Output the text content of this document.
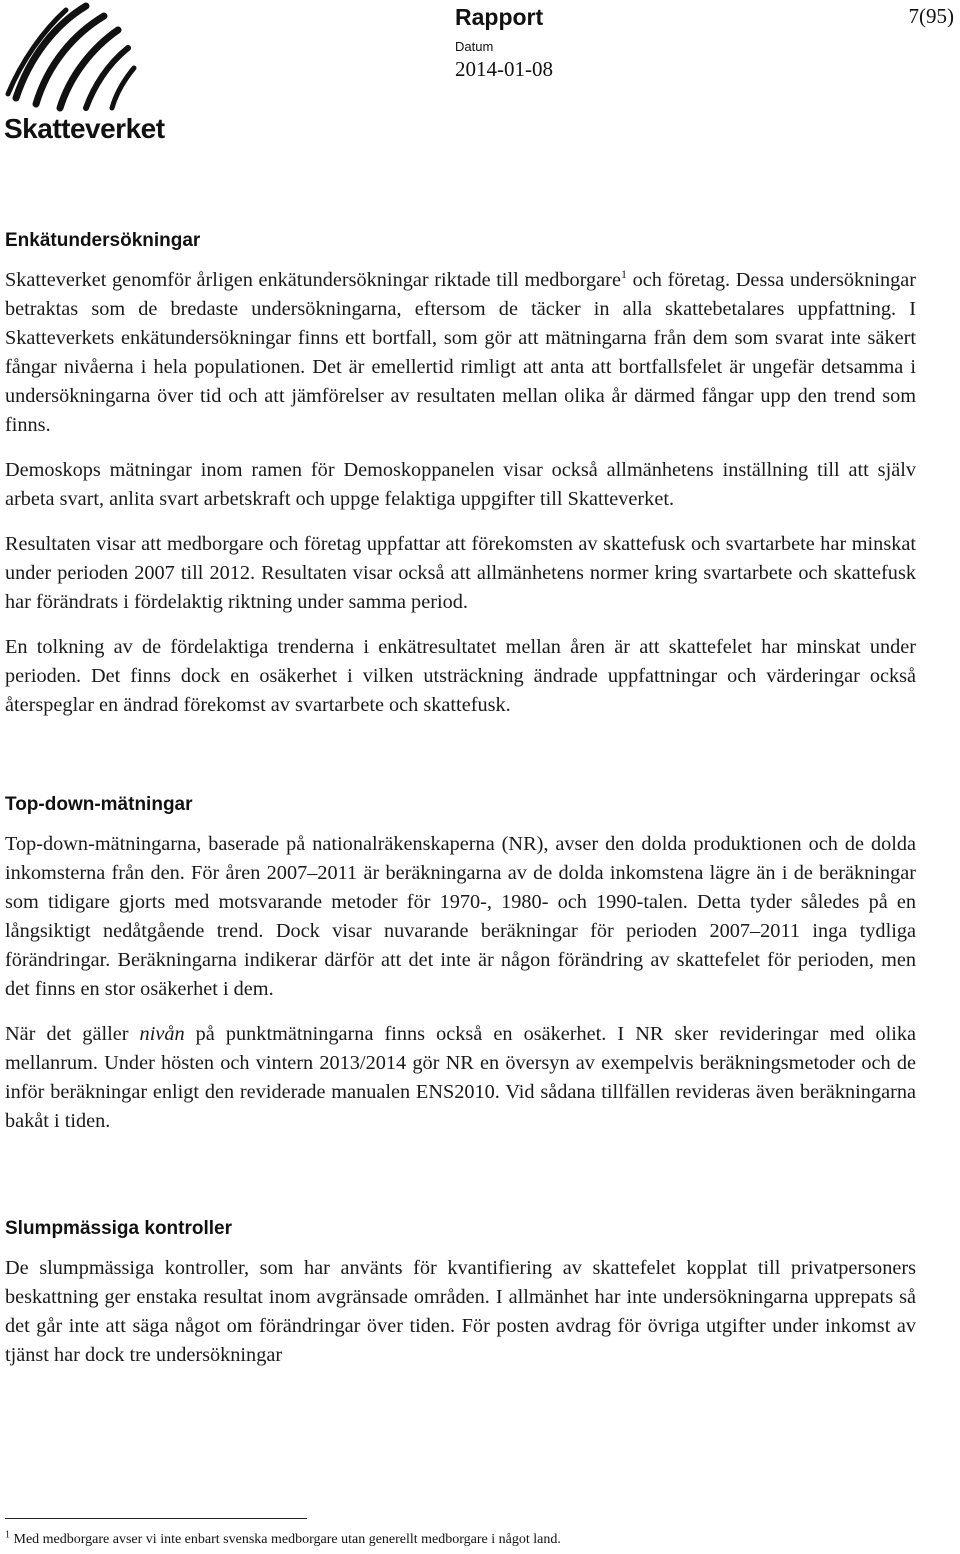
Skatteverket
Rapport	7(95)
Datum
2014-01-08
Enkätundersökningar

Skatteverket genomför årligen enkätundersökningar riktade till medborgare$^1$ och företag. Dessa undersökningar betraktas som de bredaste undersökningarna, eftersom de täcker in alla skattebetalares uppfattning. I Skatteverkets enkätundersökningar finns ett bortfall, som gör att mätningarna från dem som svarat inte säkert fångar nivåerna i hela populationen. Det är emellertid rimligt att anta att bortfallsfelet är ungefär detsamma i undersökningarna över tid och att jämförelser av resultaten mellan olika år därmed fångar upp den trend som finns.

Demoskops mätningar inom ramen för Demoskoppanelen visar också allmänhetens inställning till att själv arbeta svart, anlita svart arbetskraft och uppge felaktiga uppgifter till Skatteverket.

Resultaten visar att medborgare och företag uppfattar att förekomsten av skattefusk och svartarbete har minskat under perioden 2007 till 2012. Resultaten visar också att allmänhetens normer kring svartarbete och skattefusk har förändrats i fördelaktig riktning under samma period.

En tolkning av de fördelaktiga trenderna i enkätresultatet mellan åren är att skattefelet har minskat under perioden. Det finns dock en osäkerhet i vilken utsträckning ändrade uppfattningar och värderingar också återspeglar en ändrad förekomst av svartarbete och skattefusk.

Top-down-mätningar

Top-down-mätningarna, baserade på nationalräkenskaperna (NR), avser den dolda produktionen och de dolda inkomsterna från den. För åren 2007–2011 är beräkningarna av de dolda inkomstena lägre än i de beräkningar som tidigare gjorts med motsvarande metoder för 1970-, 1980- och 1990-talen. Detta tyder således på en långsiktigt nedåtgående trend. Dock visar nuvarande beräkningar för perioden 2007–2011 inga tydliga förändringar. Beräkningarna indikerar därför att det inte är någon förändring av skattefelet för perioden, men det finns en stor osäkerhet i dem.

När det gäller nivån på punktmätningarna finns också en osäkerhet. I NR sker revideringar med olika mellanrum. Under hösten och vintern 2013/2014 gör NR en översyn av exempelvis beräkningsmetoder och de inför beräkningar enligt den reviderade manualen ENS2010. Vid sådana tillfällen revideras även beräkningarna bakåt i tiden.

Slumpmässiga kontroller

De slumpmässiga kontroller, som har använts för kvantifiering av skattefelet kopplat till privatpersoners beskattning ger enstaka resultat inom avgränsade områden. I allmänhet har inte undersökningarna upprepats så det går inte att säga något om förändringar över tiden. För posten avdrag för övriga utgifter under inkomst av tjänst har dock tre undersökningar

$^1$ Med medborgare avser vi inte enbart svenska medborgare utan generellt medborgare i något land.
